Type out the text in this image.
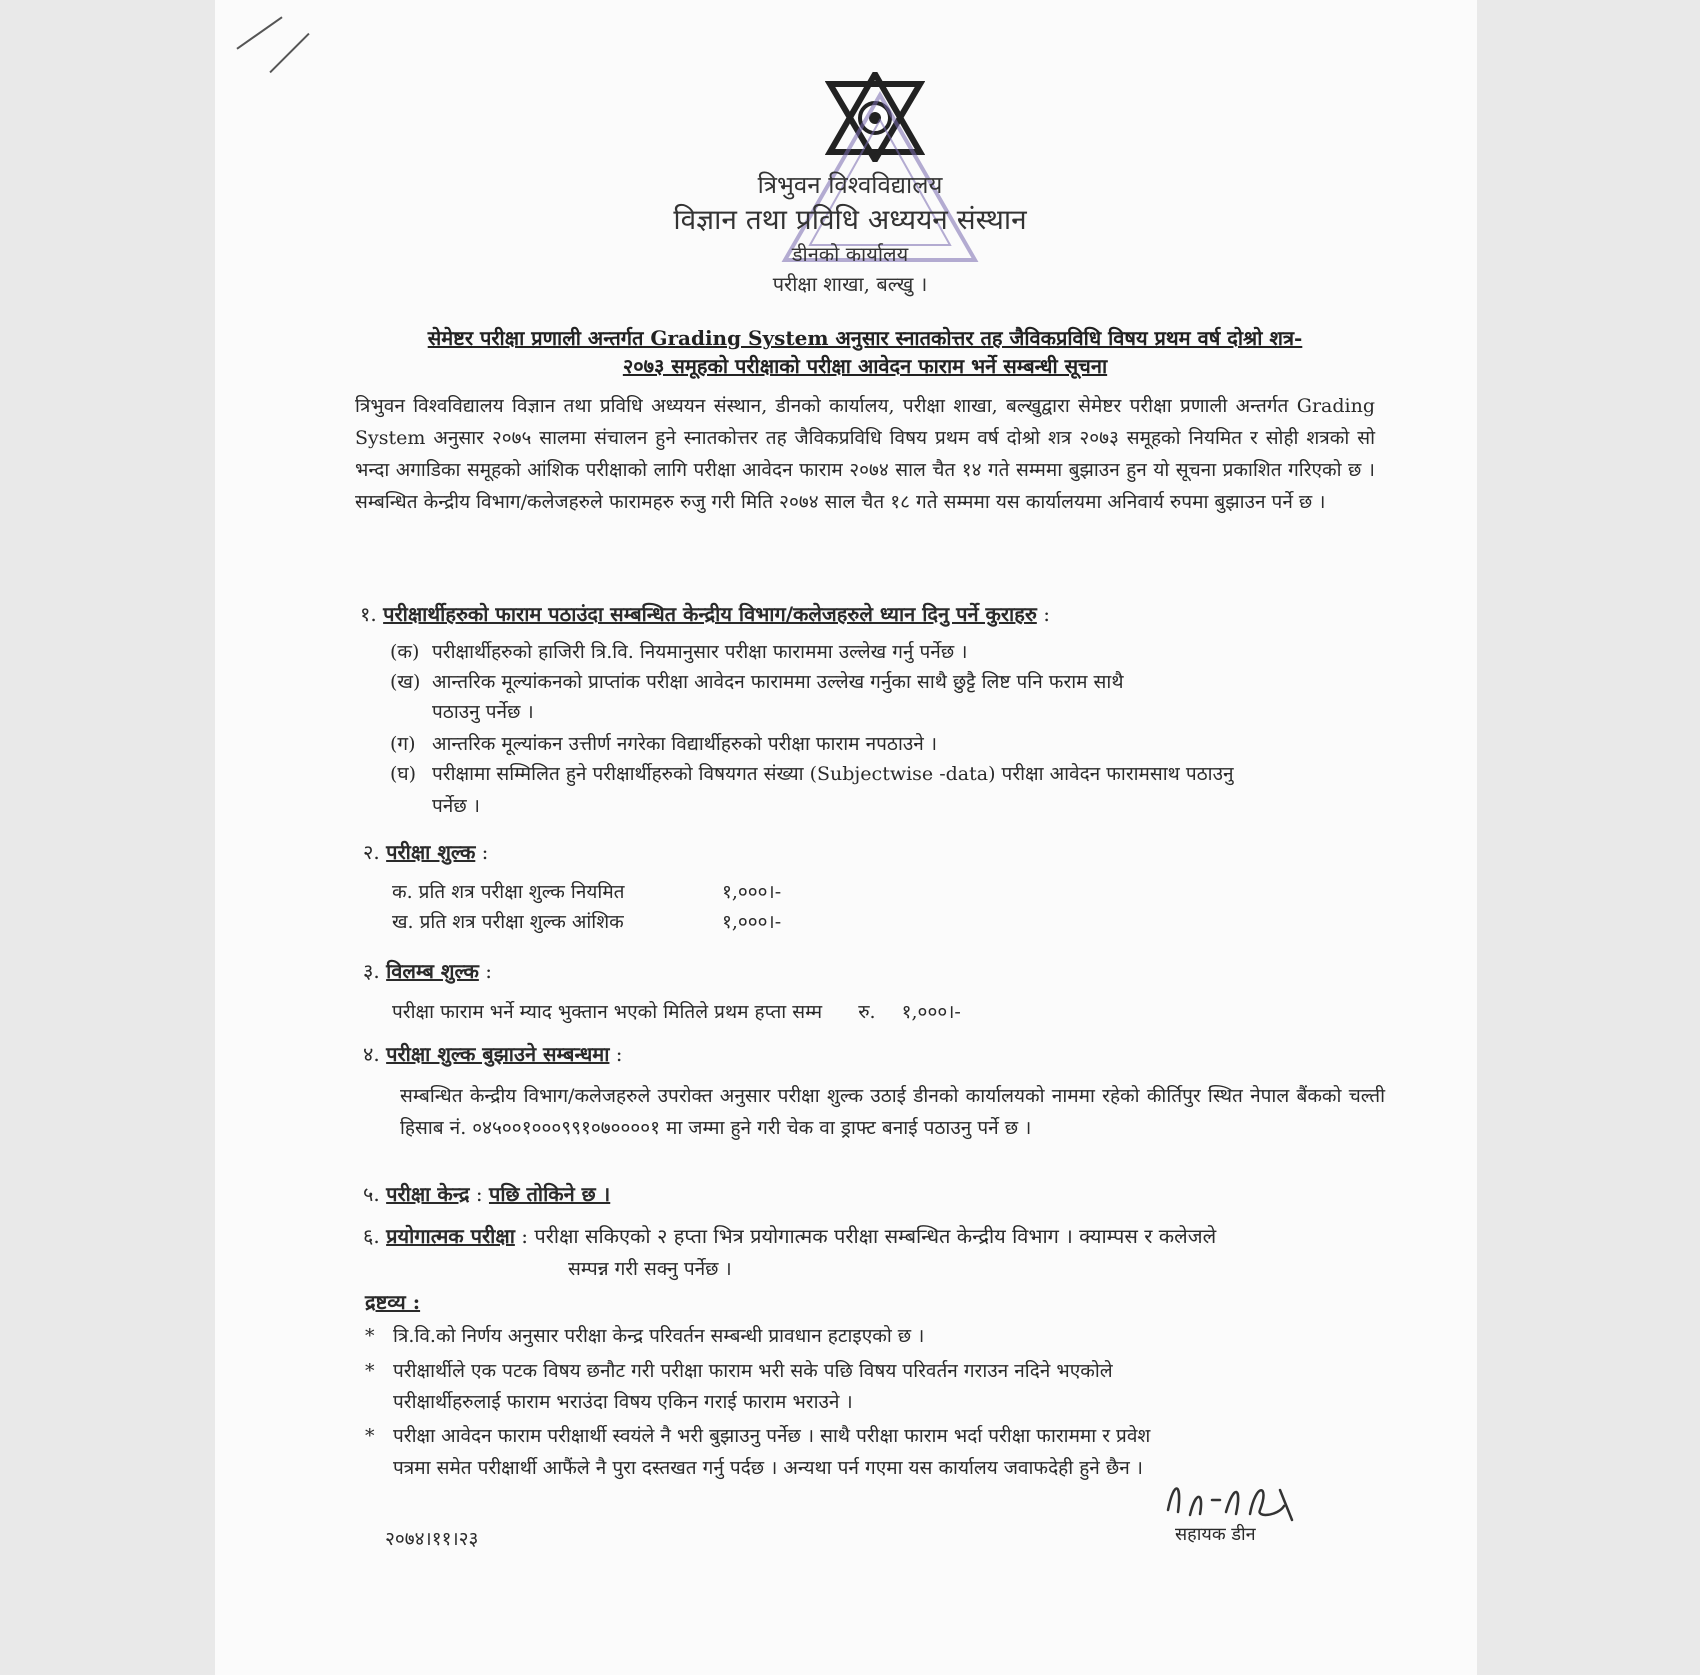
त्रिभुवन विश्वविद्यालय
विज्ञान तथा प्रविधि अध्ययन संस्थान
डीनको कार्यालय
परीक्षा शाखा, बल्खु ।
सेमेष्टर परीक्षा प्रणाली अन्तर्गत Grading System अनुसार स्नातकोत्तर तह जैविकप्रविधि विषय प्रथम वर्ष दोश्रो शत्र-
२०७३ समूहको परीक्षाको परीक्षा आवेदन फाराम भर्ने सम्बन्धी सूचना
त्रिभुवन विश्वविद्यालय विज्ञान तथा प्रविधि अध्ययन संस्थान, डीनको कार्यालय, परीक्षा शाखा, बल्खुद्वारा सेमेष्टर परीक्षा प्रणाली अन्तर्गत Grading System अनुसार २०७५ सालमा संचालन हुने स्नातकोत्तर तह जैविकप्रविधि विषय प्रथम वर्ष दोश्रो शत्र २०७३ समूहको नियमित र सोही शत्रको सो भन्दा अगाडिका समूहको आंशिक परीक्षाको लागि परीक्षा आवेदन फाराम २०७४ साल चैत १४ गते सम्ममा बुझाउन हुन यो सूचना प्रकाशित गरिएको छ । सम्बन्धित केन्द्रीय विभाग/कलेजहरुले फारामहरु रुजु गरी मिति २०७४ साल चैत १८ गते सम्ममा यस कार्यालयमा अनिवार्य रुपमा बुझाउन पर्ने छ ।
१. परीक्षार्थीहरुको फाराम पठाउंदा सम्बन्धित केन्द्रीय विभाग/कलेजहरुले ध्यान दिनु पर्ने कुराहरु :
(क) परीक्षार्थीहरुको हाजिरी त्रि.वि. नियमानुसार परीक्षा फाराममा उल्लेख गर्नु पर्नेछ ।
(ख) आन्तरिक मूल्यांकनको प्राप्तांक परीक्षा आवेदन फाराममा उल्लेख गर्नुका साथै छुट्टै लिष्ट पनि फराम साथै
पठाउनु पर्नेछ ।
(ग) आन्तरिक मूल्यांकन उत्तीर्ण नगरेका विद्यार्थीहरुको परीक्षा फाराम नपठाउने ।
(घ) परीक्षामा सम्मिलित हुने परीक्षार्थीहरुको विषयगत संख्या (Subjectwise -data) परीक्षा आवेदन फारामसाथ पठाउनु
पर्नेछ ।
२. परीक्षा शुल्क :
क. प्रति शत्र परीक्षा शुल्क नियमित	१,०००।-
ख. प्रति शत्र परीक्षा शुल्क आंशिक	१,०००।-
३. विलम्ब शुल्क :
परीक्षा फाराम भर्ने म्याद भुक्तान भएको मितिले प्रथम हप्ता सम्म रु. १,०००।-
४. परीक्षा शुल्क बुझाउने सम्बन्धमा :
सम्बन्धित केन्द्रीय विभाग/कलेजहरुले उपरोक्त अनुसार परीक्षा शुल्क उठाई डीनको कार्यालयको नाममा रहेको कीर्तिपुर स्थित नेपाल बैंकको चल्ती हिसाब नं. ०४५००१०००९९१०७००००१ मा जम्मा हुने गरी चेक वा ड्राफ्ट बनाई पठाउनु पर्ने छ ।
५. परीक्षा केन्द्र : पछि तोकिने छ ।
६. प्रयोगात्मक परीक्षा : परीक्षा सकिएको २ हप्ता भित्र प्रयोगात्मक परीक्षा सम्बन्धित केन्द्रीय विभाग । क्याम्पस र कलेजले
सम्पन्न गरी सक्नु पर्नेछ ।
द्रष्टव्य :
* त्रि.वि.को निर्णय अनुसार परीक्षा केन्द्र परिवर्तन सम्बन्धी प्रावधान हटाइएको छ ।
* परीक्षार्थीले एक पटक विषय छनौट गरी परीक्षा फाराम भरी सके पछि विषय परिवर्तन गराउन नदिने भएकोले
परीक्षार्थीहरुलाई फाराम भराउंदा विषय एकिन गराई फाराम भराउने ।
* परीक्षा आवेदन फाराम परीक्षार्थी स्वयंले नै भरी बुझाउनु पर्नेछ । साथै परीक्षा फाराम भर्दा परीक्षा फाराममा र प्रवेश
पत्रमा समेत परीक्षार्थी आफैंले नै पुरा दस्तखत गर्नु पर्दछ । अन्यथा पर्न गएमा यस कार्यालय जवाफदेही हुने छैन ।
सहायक डीन
२०७४।११।२३
